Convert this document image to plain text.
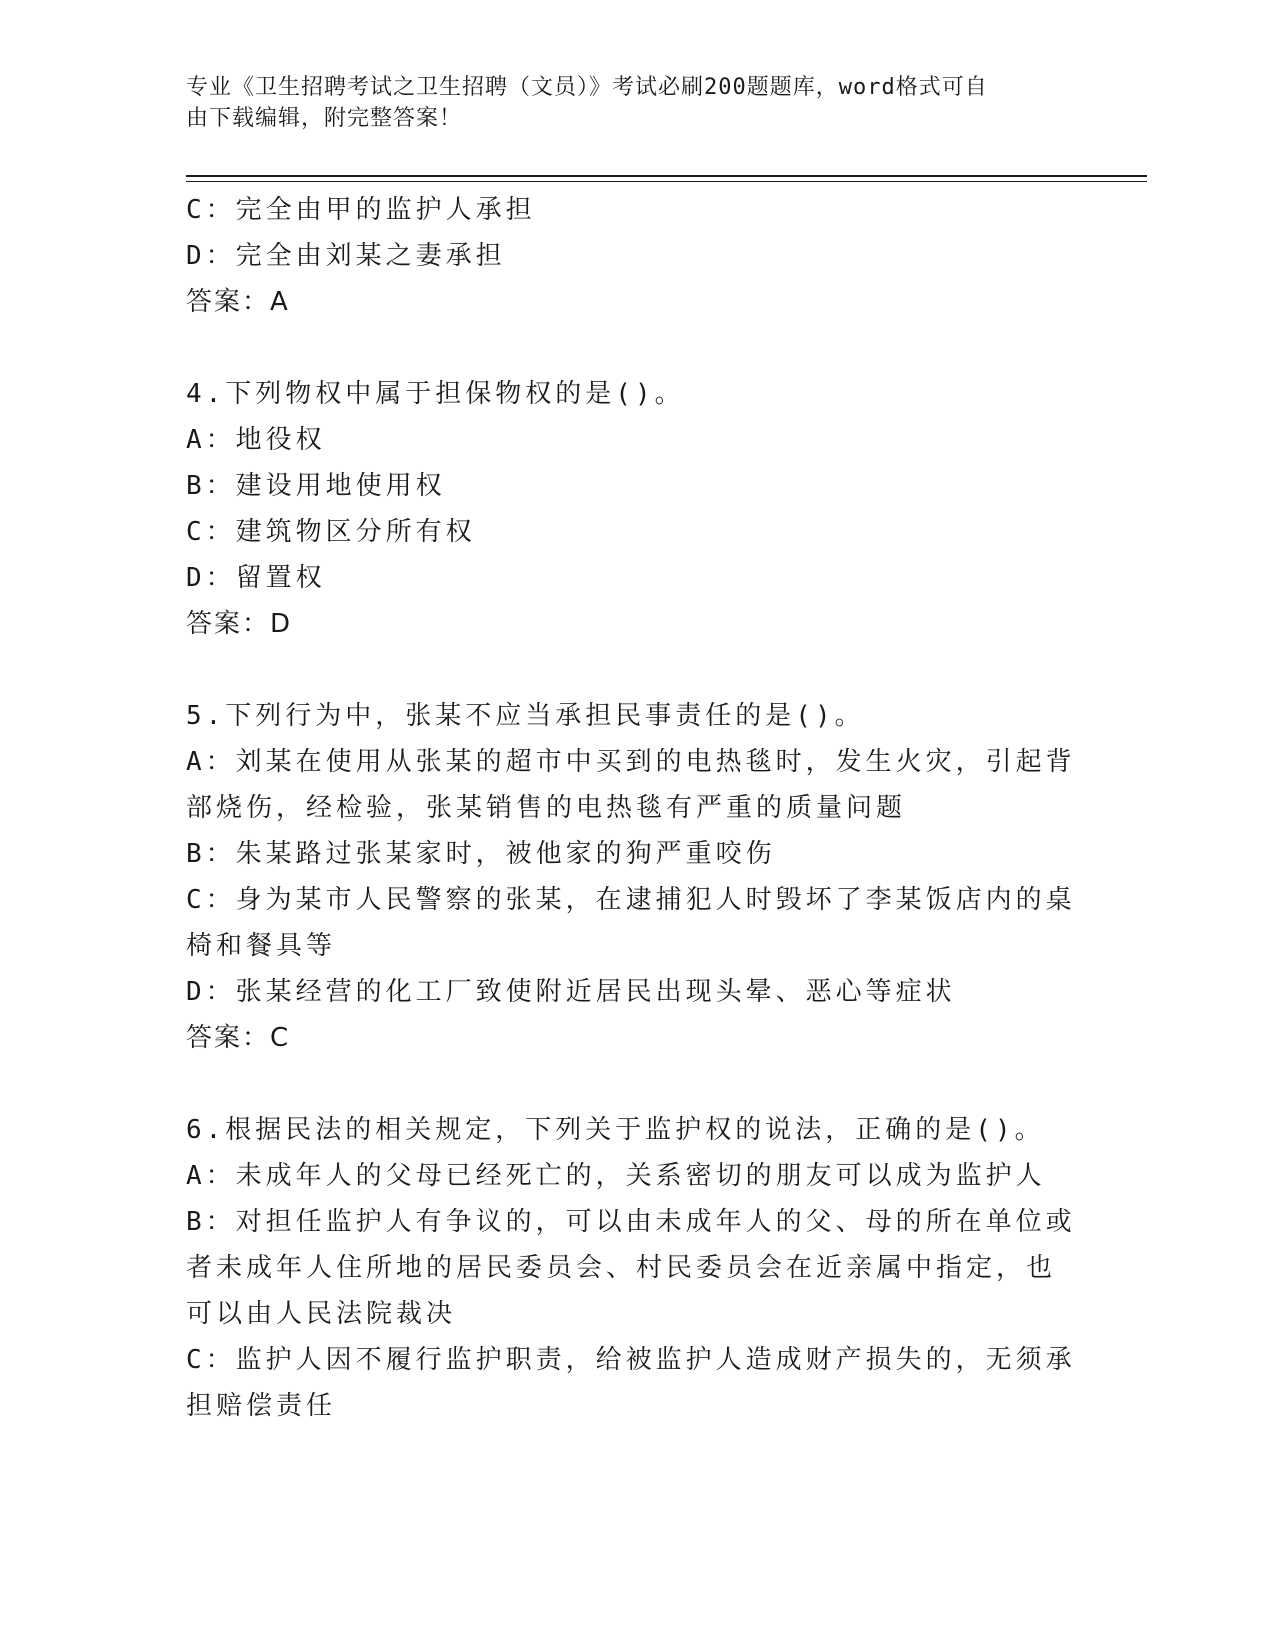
专业《卫生招聘考试之卫生招聘（文员）》考试必刷200题题库，word格式可自
由下载编辑，附完整答案！
C：完全由甲的监护人承担
D：完全由刘某之妻承担
答案：A
4.下列物权中属于担保物权的是()。
A：地役权
B：建设用地使用权
C：建筑物区分所有权
D：留置权
答案：D
5.下列行为中，张某不应当承担民事责任的是()。
A：刘某在使用从张某的超市中买到的电热毯时，发生火灾，引起背部烧伤，经检验，张某销售的电热毯有严重的质量问题
B：朱某路过张某家时，被他家的狗严重咬伤
C：身为某市人民警察的张某，在逮捕犯人时毁坏了李某饭店内的桌椅和餐具等
D：张某经营的化工厂致使附近居民出现头晕、恶心等症状
答案：C
6.根据民法的相关规定，下列关于监护权的说法，正确的是()。
A：未成年人的父母已经死亡的，关系密切的朋友可以成为监护人
B：对担任监护人有争议的，可以由未成年人的父、母的所在单位或者未成年人住所地的居民委员会、村民委员会在近亲属中指定，也可以由人民法院裁决
C：监护人因不履行监护职责，给被监护人造成财产损失的，无须承担赔偿责任
